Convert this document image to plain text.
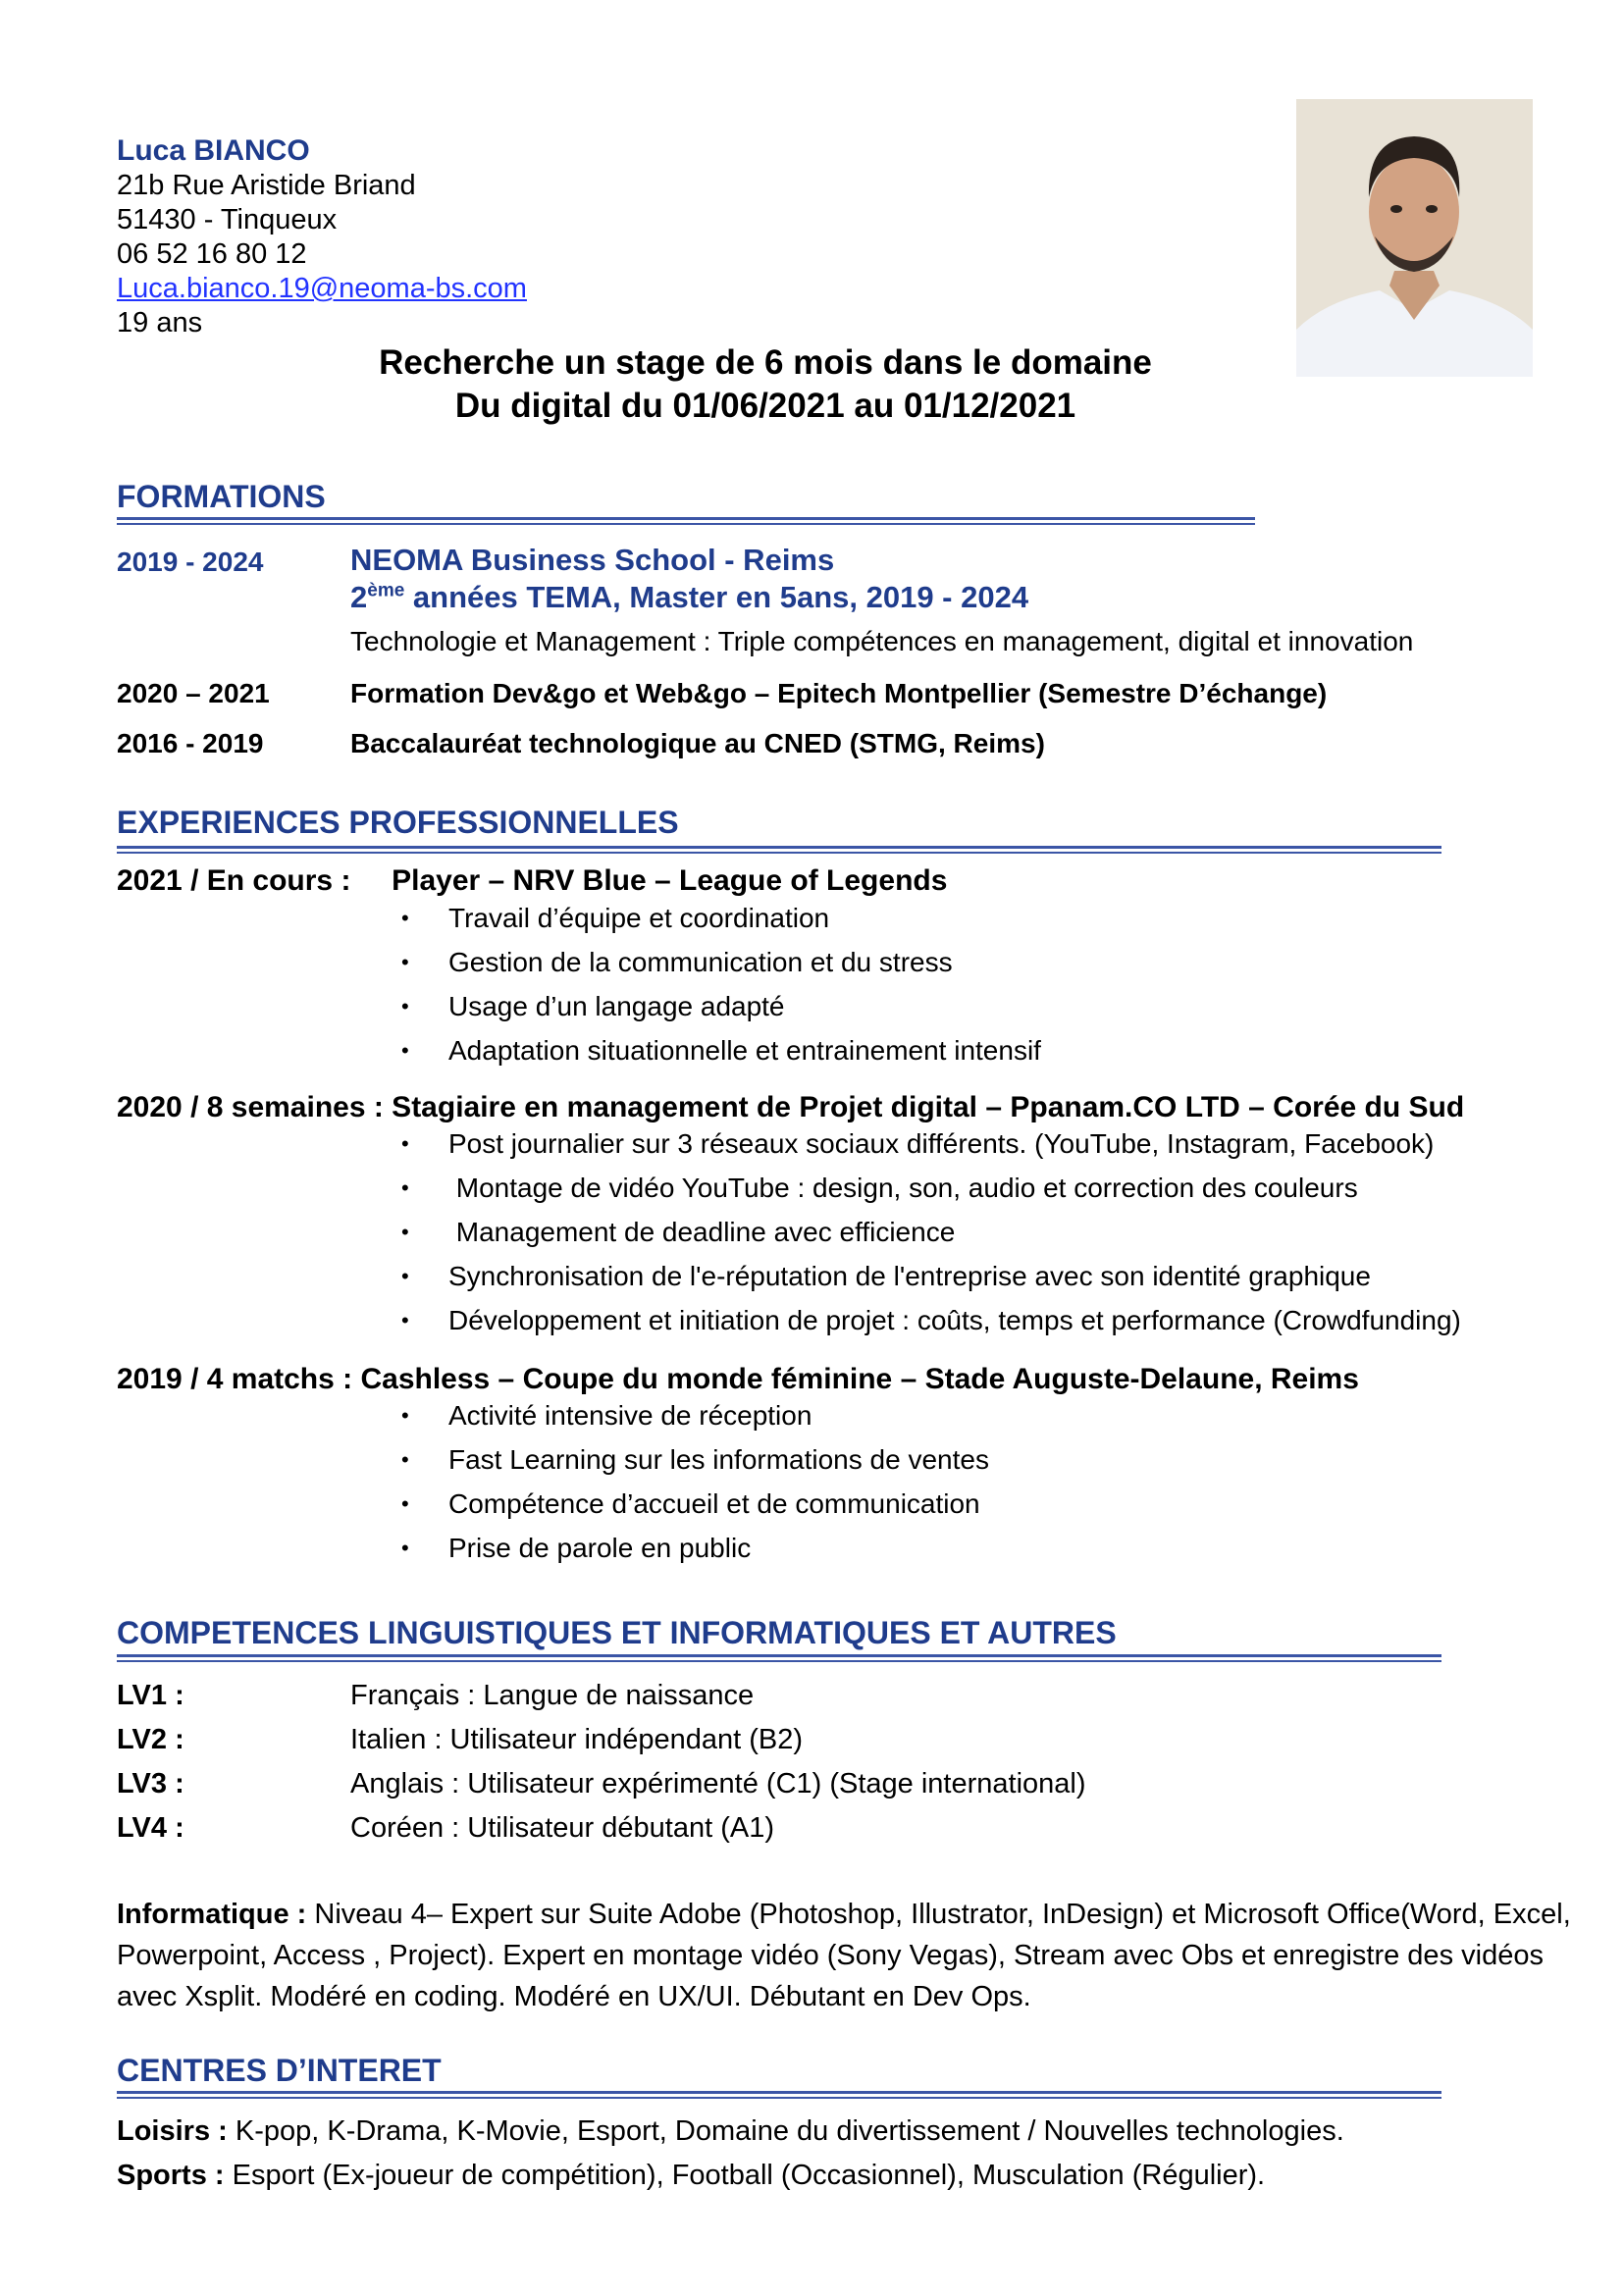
Luca BIANCO
21b Rue Aristide Briand
51430 - Tinqueux
06 52 16 80 12
Luca.bianco.19@neoma-bs.com
19 ans
Recherche un stage de 6 mois dans le domaine
Du digital du 01/06/2021 au 01/12/2021
FORMATIONS
2019 - 2024	NEOMA Business School - Reims
2ème années TEMA, Master en 5ans, 2019 - 2024
Technologie et Management : Triple compétences en management, digital et innovation
2020 – 2021	Formation Dev&go et Web&go – Epitech Montpellier (Semestre D’échange)
2016 - 2019	Baccalauréat technologique au CNED (STMG, Reims)
EXPERIENCES PROFESSIONNELLES
2021 / En cours :     Player – NRV Blue – League of Legends
• Travail d’équipe et coordination
• Gestion de la communication et du stress
• Usage d’un langage adapté
• Adaptation situationnelle et entrainement intensif
2020 / 8 semaines : Stagiaire en management de Projet digital – Ppanam.CO LTD – Corée du Sud
• Post journalier sur 3 réseaux sociaux différents. (YouTube, Instagram, Facebook)
• Montage de vidéo YouTube : design, son, audio et correction des couleurs
• Management de deadline avec efficience
• Synchronisation de l'e-réputation de l'entreprise avec son identité graphique
• Développement et initiation de projet : coûts, temps et performance (Crowdfunding)
2019 / 4 matchs : Cashless – Coupe du monde féminine – Stade Auguste-Delaune, Reims
• Activité intensive de réception
• Fast Learning sur les informations de ventes
• Compétence d’accueil et de communication
• Prise de parole en public
COMPETENCES LINGUISTIQUES ET INFORMATIQUES ET AUTRES
LV1 :	Français : Langue de naissance
LV2 :	Italien : Utilisateur indépendant (B2)
LV3 :	Anglais : Utilisateur expérimenté (C1) (Stage international)
LV4 :	Coréen : Utilisateur débutant (A1)
Informatique : Niveau 4– Expert sur Suite Adobe (Photoshop, Illustrator, InDesign) et Microsoft Office(Word, Excel, Powerpoint, Access , Project). Expert en montage vidéo (Sony Vegas), Stream avec Obs et enregistre des vidéos avec Xsplit. Modéré en coding. Modéré en UX/UI. Débutant en Dev Ops.
CENTRES D’INTERET
Loisirs : K-pop, K-Drama, K-Movie, Esport, Domaine du divertissement / Nouvelles technologies.
Sports : Esport (Ex-joueur de compétition), Football (Occasionnel), Musculation (Régulier).
